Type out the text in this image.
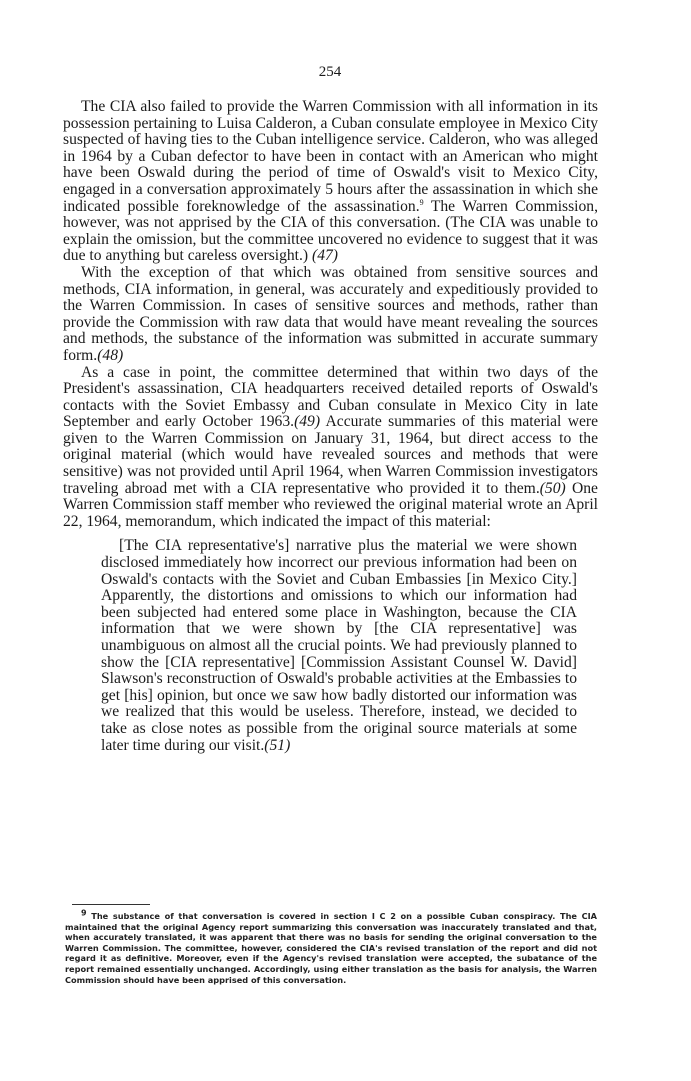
254

The CIA also failed to provide the Warren Commission with all information in its possession pertaining to Luisa Calderon, a Cuban consulate employee in Mexico City suspected of having ties to the Cuban intelligence service. Calderon, who was alleged in 1964 by a Cuban defector to have been in contact with an American who might have been Oswald during the period of time of Oswald's visit to Mexico City, engaged in a conversation approximately 5 hours after the assassination in which she indicated possible foreknowledge of the assassination.$^9$ The Warren Commission, however, was not apprised by the CIA of this conversation. (The CIA was unable to explain the omission, but the committee uncovered no evidence to suggest that it was due to anything but careless oversight.) (47)

With the exception of that which was obtained from sensitive sources and methods, CIA information, in general, was accurately and expeditiously provided to the Warren Commission. In cases of sensitive sources and methods, rather than provide the Commission with raw data that would have meant revealing the sources and methods, the substance of the information was submitted in accurate summary form.(48)

As a case in point, the committee determined that within two days of the President's assassination, CIA headquarters received detailed reports of Oswald's contacts with the Soviet Embassy and Cuban consulate in Mexico City in late September and early October 1963.(49) Accurate summaries of this material were given to the Warren Commission on January 31, 1964, but direct access to the original material (which would have revealed sources and methods that were sensitive) was not provided until April 1964, when Warren Commission investigators traveling abroad met with a CIA representative who provided it to them.(50) One Warren Commission staff member who reviewed the original material wrote an April 22, 1964, memorandum, which indicated the impact of this material:

[The CIA representative's] narrative plus the material we were shown disclosed immediately how incorrect our previous information had been on Oswald's contacts with the Soviet and Cuban Embassies [in Mexico City.] Apparently, the distortions and omissions to which our information had been subjected had entered some place in Washington, because the CIA information that we were shown by [the CIA representative] was unambiguous on almost all the crucial points. We had previously planned to show the [CIA representative] [Commission Assistant Counsel W. David] Slawson's reconstruction of Oswald's probable activities at the Embassies to get [his] opinion, but once we saw how badly distorted our information was we realized that this would be useless. Therefore, instead, we decided to take as close notes as possible from the original source materials at some later time during our visit.(51)

$^9$ The substance of that conversation is covered in section I C 2 on a possible Cuban conspiracy. The CIA maintained that the original Agency report summarizing this conversation was inaccurately translated and that, when accurately translated, it was apparent that there was no basis for sending the original conversation to the Warren Commission. The committee, however, considered the CIA's revised translation of the report and did not regard it as definitive. Moreover, even if the Agency's revised translation were accepted, the subatance of the report remained essentially unchanged. Accordingly, using either translation as the basis for analysis, the Warren Commission should have been apprised of this conversation.
